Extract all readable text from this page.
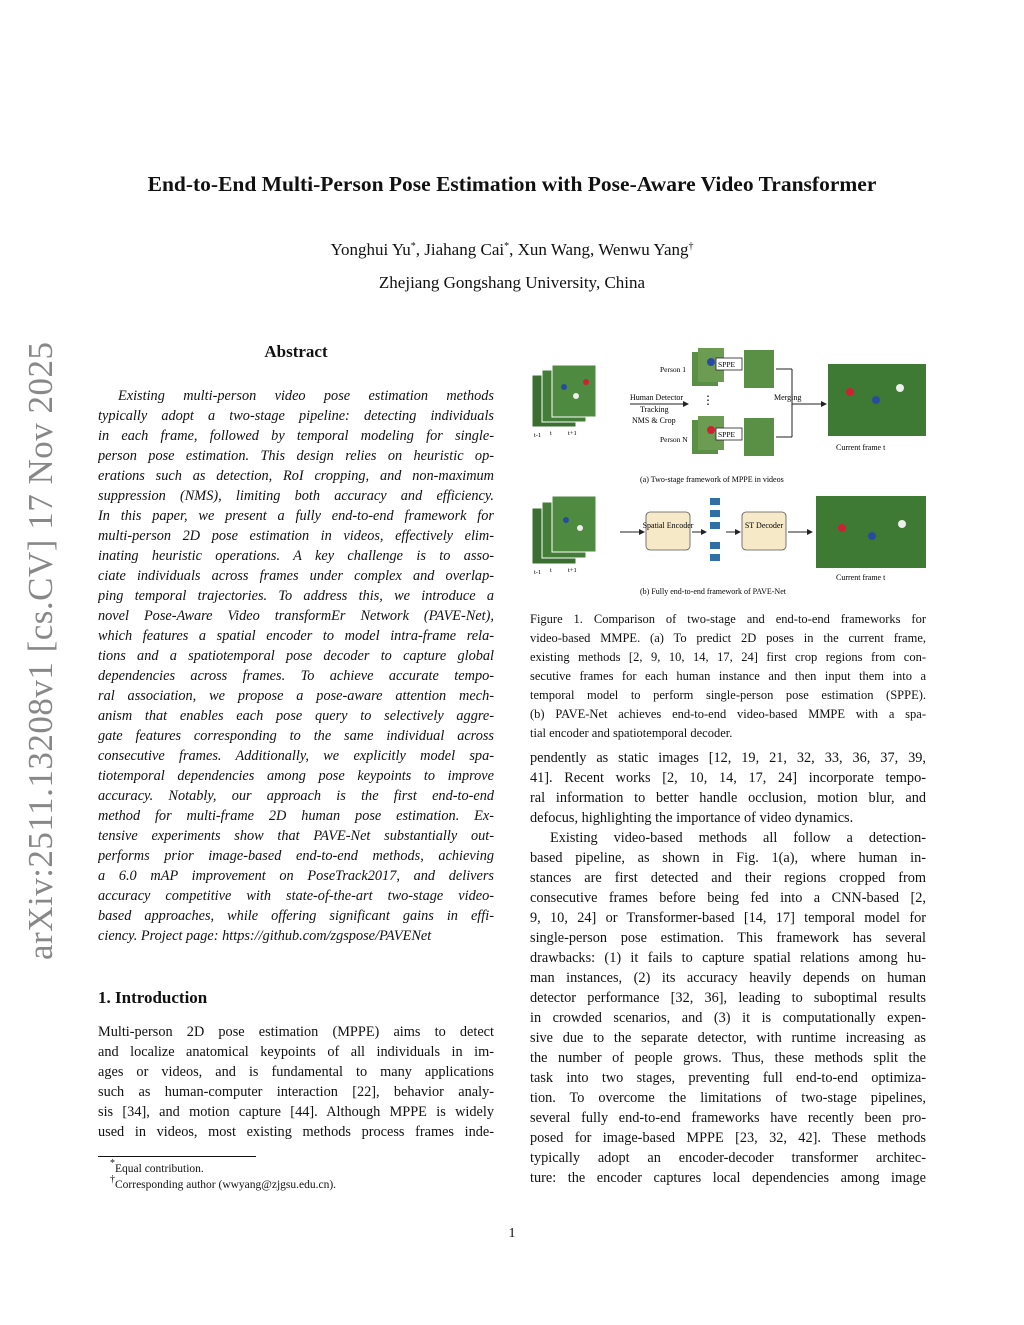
arXiv:2511.13208v1 [cs.CV] 17 Nov 2025
End-to-End Multi-Person Pose Estimation with Pose-Aware Video Transformer
Yonghui Yu*, Jiahang Cai*, Xun Wang, Wenwu Yang†
Zhejiang Gongshang University, China
Abstract
Existing multi-person video pose estimation methods
typically adopt a two-stage pipeline: detecting individuals
in each frame, followed by temporal modeling for single-
person pose estimation. This design relies on heuristic op-
erations such as detection, RoI cropping, and non-maximum
suppression (NMS), limiting both accuracy and efficiency.
In this paper, we present a fully end-to-end framework for
multi-person 2D pose estimation in videos, effectively elim-
inating heuristic operations. A key challenge is to asso-
ciate individuals across frames under complex and overlap-
ping temporal trajectories. To address this, we introduce a
novel Pose-Aware Video transformEr Network (PAVE-Net),
which features a spatial encoder to model intra-frame rela-
tions and a spatiotemporal pose decoder to capture global
dependencies across frames. To achieve accurate tempo-
ral association, we propose a pose-aware attention mech-
anism that enables each pose query to selectively aggre-
gate features corresponding to the same individual across
consecutive frames. Additionally, we explicitly model spa-
tiotemporal dependencies among pose keypoints to improve
accuracy. Notably, our approach is the first end-to-end
method for multi-frame 2D human pose estimation. Ex-
tensive experiments show that PAVE-Net substantially out-
performs prior image-based end-to-end methods, achieving
a 6.0 mAP improvement on PoseTrack2017, and delivers
accuracy competitive with state-of-the-art two-stage video-
based approaches, while offering significant gains in effi-
ciency. Project page: https://github.com/zgspose/PAVENet
1. Introduction
Multi-person 2D pose estimation (MPPE) aims to detect
and localize anatomical keypoints of all individuals in im-
ages or videos, and is fundamental to many applications
such as human-computer interaction [22], behavior analy-
sis [34], and motion capture [44]. Although MPPE is widely
used in videos, most existing methods process frames inde-
*Equal contribution.
†Corresponding author (wwyang@zjgsu.edu.cn).
t-1 t t+1
Human Detector
Tracking
NMS & Crop
Person 1
Person N
⋮
SPPE
SPPE
Merging
Current frame t
(a) Two-stage framework of MPPE in videos
t-1 t t+1
Spatial Encoder	ST Decoder
Current frame t
(b) Fully end-to-end framework of PAVE-Net
Figure 1. Comparison of two-stage and end-to-end frameworks for
video-based MMPE. (a) To predict 2D poses in the current frame,
existing methods [2, 9, 10, 14, 17, 24] first crop regions from con-
secutive frames for each human instance and then input them into a
temporal model to perform single-person pose estimation (SPPE).
(b) PAVE-Net achieves end-to-end video-based MMPE with a spa-
tial encoder and spatiotemporal decoder.
pendently as static images [12, 19, 21, 32, 33, 36, 37, 39,
41]. Recent works [2, 10, 14, 17, 24] incorporate tempo-
ral information to better handle occlusion, motion blur, and
defocus, highlighting the importance of video dynamics.
Existing video-based methods all follow a detection-
based pipeline, as shown in Fig. 1(a), where human in-
stances are first detected and their regions cropped from
consecutive frames before being fed into a CNN-based [2,
9, 10, 24] or Transformer-based [14, 17] temporal model for
single-person pose estimation. This framework has several
drawbacks: (1) it fails to capture spatial relations among hu-
man instances, (2) its accuracy heavily depends on human
detector performance [32, 36], leading to suboptimal results
in crowded scenarios, and (3) it is computationally expen-
sive due to the separate detector, with runtime increasing as
the number of people grows. Thus, these methods split the
task into two stages, preventing full end-to-end optimiza-
tion. To overcome the limitations of two-stage pipelines,
several fully end-to-end frameworks have recently been pro-
posed for image-based MPPE [23, 32, 42]. These methods
typically adopt an encoder-decoder transformer architec-
ture: the encoder captures local dependencies among image
1
